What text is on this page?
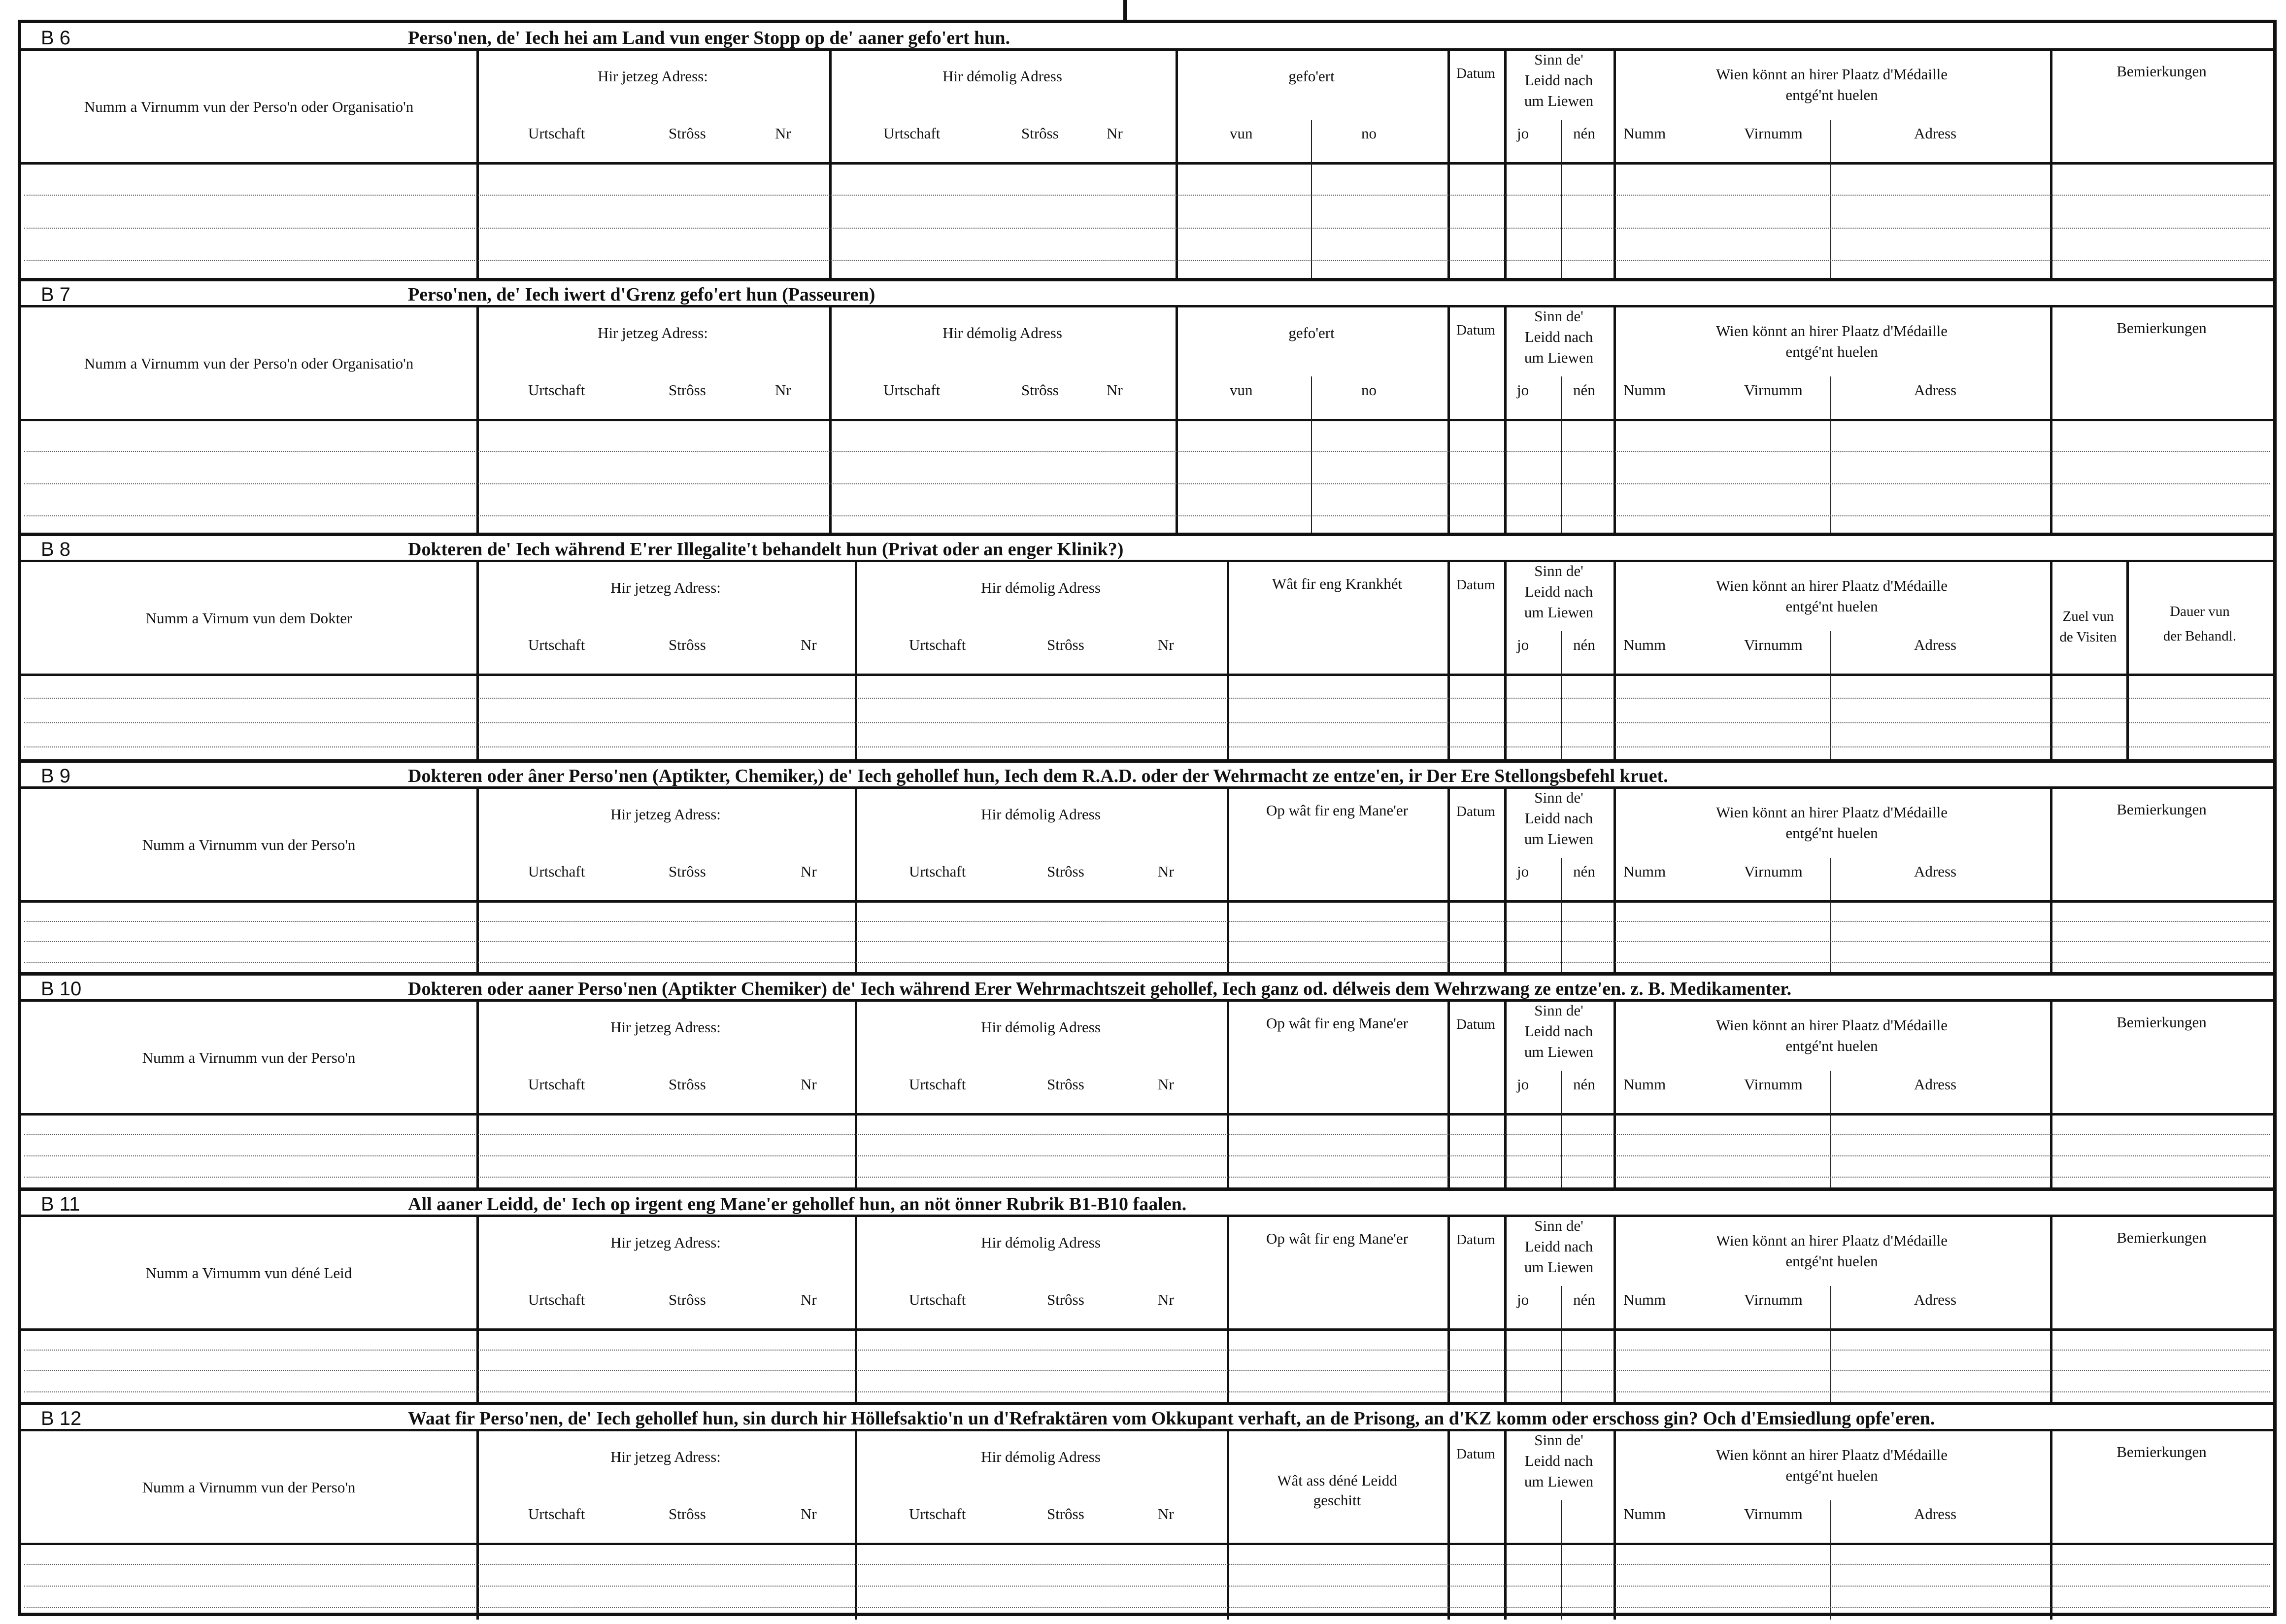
B 6	Perso'nen, de' Iech hei am Land vun enger Stopp op de' aaner gefo'ert hun.
Numm a Virnumm vun der Perso'n oder Organisatio'n
Hir jetzeg Adress:
Urtschaft	Strôss	Nr
Hir démolig Adress
Urtschaft	Strôss	Nr
gefo'ert
vun	no
Datum
Sinn de'
Leidd nach
um Liewen
jo	nén
Wien könnt an hirer Plaatz d'Médaille
entgé'nt huelen
Numm	Virnumm	Adress
Bemierkungen
B 7	Perso'nen, de' Iech iwert d'Grenz gefo'ert hun (Passeuren)
Numm a Virnumm vun der Perso'n oder Organisatio'n
Hir jetzeg Adress:
Urtschaft	Strôss	Nr
Hir démolig Adress
Urtschaft	Strôss	Nr
gefo'ert
vun	no
Datum
Sinn de'
Leidd nach
um Liewen
jo	nén
Wien könnt an hirer Plaatz d'Médaille
entgé'nt huelen
Numm	Virnumm	Adress
Bemierkungen
B 8	Dokteren de' Iech während E'rer Illegalite't behandelt hun (Privat oder an enger Klinik?)
Numm a Virnum vun dem Dokter
Hir jetzeg Adress:
Urtschaft	Strôss	Nr
Hir démolig Adress
Urtschaft	Strôss	Nr
Wât fir eng Krankhét	Datum
Sinn de'
Leidd nach
um Liewen
jo	nén
Wien könnt an hirer Plaatz d'Médaille
entgé'nt huelen
Numm	Virnumm	Adress
Zuel vun
de Visiten
Dauer vun
der Behandl.
B 9	Dokteren oder âner Perso'nen (Aptikter, Chemiker,) de' Iech gehollef hun, Iech dem R.A.D. oder der Wehrmacht ze entze'en, ir Der Ere Stellongsbefehl kruet.
Numm a Virnumm vun der Perso'n
Hir jetzeg Adress:
Urtschaft	Strôss	Nr
Hir démolig Adress
Urtschaft	Strôss	Nr
Op wât fir eng Mane'er	Datum
Sinn de'
Leidd nach
um Liewen
jo	nén
Wien könnt an hirer Plaatz d'Médaille
entgé'nt huelen
Numm	Virnumm	Adress
Bemierkungen
B 10	Dokteren oder aaner Perso'nen (Aptikter Chemiker) de' Iech während Erer Wehrmachtszeit gehollef, Iech ganz od. délweis dem Wehrzwang ze entze'en. z. B. Medikamenter.
Numm a Virnumm vun der Perso'n
Hir jetzeg Adress:
Urtschaft	Strôss	Nr
Hir démolig Adress
Urtschaft	Strôss	Nr
Op wât fir eng Mane'er	Datum
Sinn de'
Leidd nach
um Liewen
jo	nén
Wien könnt an hirer Plaatz d'Médaille
entgé'nt huelen
Numm	Virnumm	Adress
Bemierkungen
B 11	All aaner Leidd, de' Iech op irgent eng Mane'er gehollef hun, an nöt önner Rubrik B1-B10 faalen.
Numm a Virnumm vun déné Leid
Hir jetzeg Adress:
Urtschaft	Strôss	Nr
Hir démolig Adress
Urtschaft	Strôss	Nr
Op wât fir eng Mane'er	Datum
Sinn de'
Leidd nach
um Liewen
jo	nén
Wien könnt an hirer Plaatz d'Médaille
entgé'nt huelen
Numm	Virnumm	Adress
Bemierkungen
B 12	Waat fir Perso'nen, de' Iech gehollef hun, sin durch hir Höllefsaktio'n un d'Refraktären vom Okkupant verhaft, an de Prisong, an d'KZ komm oder erschoss gin? Och d'Emsiedlung opfe'eren.
Numm a Virnumm vun der Perso'n
Hir jetzeg Adress:
Urtschaft	Strôss	Nr
Hir démolig Adress
Urtschaft	Strôss	Nr
Wât ass déné Leidd
geschitt
Datum
Sinn de'
Leidd nach
um Liewen
Wien könnt an hirer Plaatz d'Médaille
entgé'nt huelen
Numm	Virnumm	Adress
Bemierkungen
